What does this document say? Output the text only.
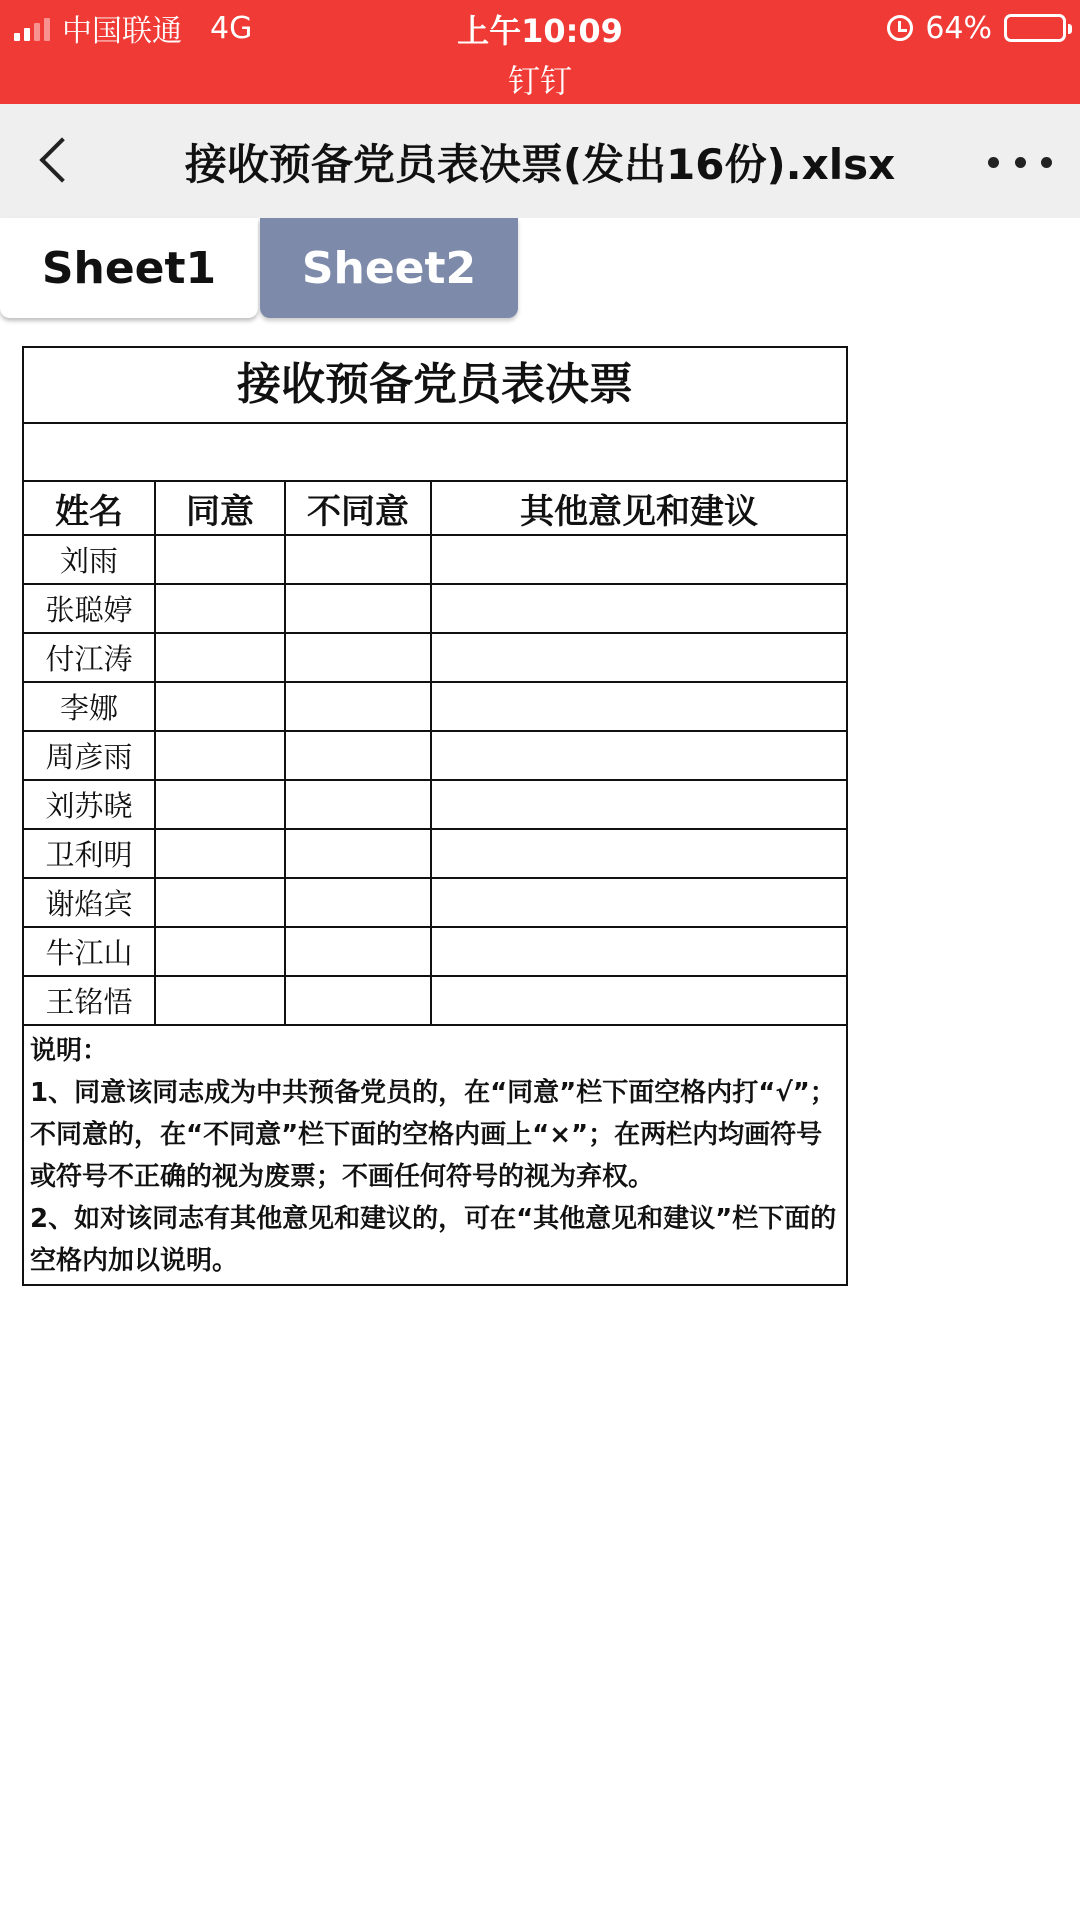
中国联通 4G	上午10:09	64%
钉钉
接收预备党员表决票(发出16份).xlsx
Sheet1	Sheet2
接收预备党员表决票
姓名	同意	不同意	其他意见和建议
刘雨
张聪婷
付江涛
李娜
周彦雨
刘苏晓
卫利明
谢焰宾
牛江山
王铭悟

说明：

1、同意该同志成为中共预备党员的，在“同意”栏下面空格内打“√”；不同意的，在“不同意”栏下面的空格内画上“×”；在两栏内均画符号或符号不正确的视为废票；不画任何符号的视为弃权。

2、如对该同志有其他意见和建议的，可在“其他意见和建议”栏下面的空格内加以说明。
